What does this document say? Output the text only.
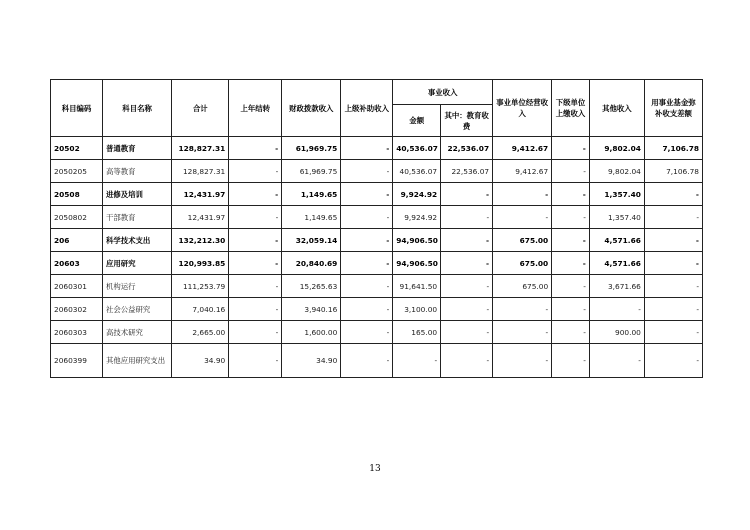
科目编码	科目名称	合计	上年结转	财政拨款收入	上级补助收入	事业收入		事业单位经营收入	下级单位上缴收入	其他收入	用事业基金弥补收支差额
						金额	其中：教育收费				
20502	普通教育	128,827.31	-	61,969.75	-	40,536.07	22,536.07	9,412.67	-	9,802.04	7,106.78
2050205	高等教育	128,827.31	-	61,969.75	-	40,536.07	22,536.07	9,412.67	-	9,802.04	7,106.78
20508	进修及培训	12,431.97	-	1,149.65	-	9,924.92	-	-	-	1,357.40	-
2050802	干部教育	12,431.97	-	1,149.65	-	9,924.92	-	-	-	1,357.40	-
206	科学技术支出	132,212.30	-	32,059.14	-	94,906.50	-	675.00	-	4,571.66	-
20603	应用研究	120,993.85	-	20,840.69	-	94,906.50	-	675.00	-	4,571.66	-
2060301	机构运行	111,253.79	-	15,265.63	-	91,641.50	-	675.00	-	3,671.66	-
2060302	社会公益研究	7,040.16	-	3,940.16	-	3,100.00	-	-	-	-	-
2060303	高技术研究	2,665.00	-	1,600.00	-	165.00	-	-	-	900.00	-
2060399	其他应用研究支出	34.90	-	34.90	-	-	-	-	-	-	-
13
